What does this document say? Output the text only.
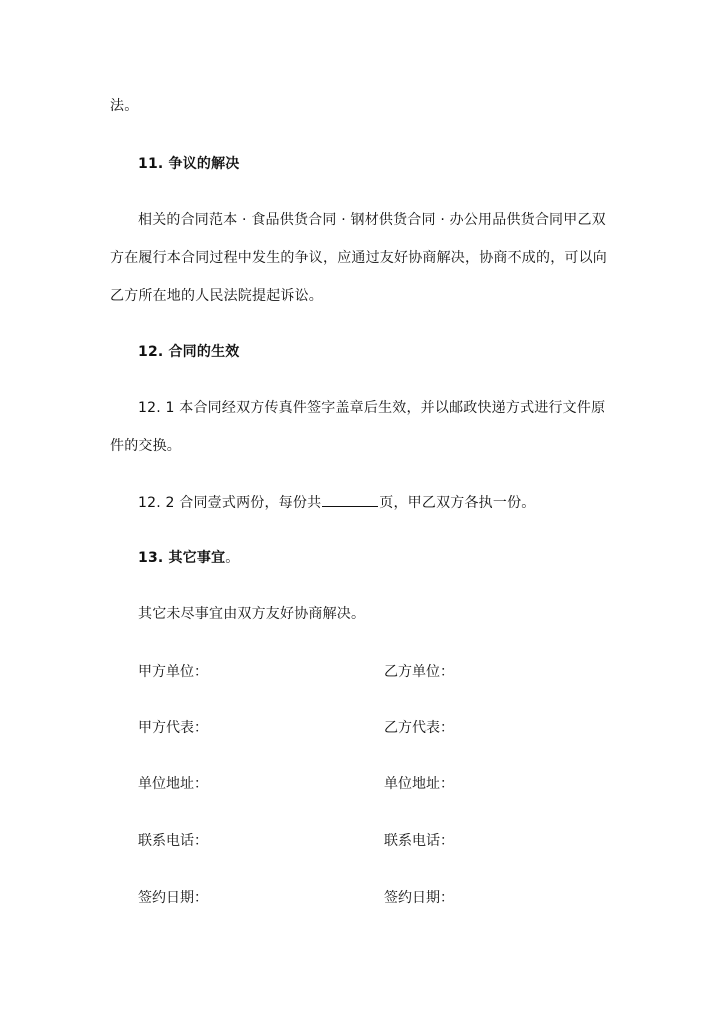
法。
11. 争议的解决
相关的合同范本 · 食品供货合同 · 钢材供货合同 · 办公用品供货合同甲乙双
方在履行本合同过程中发生的争议，应通过友好协商解决，协商不成的，可以向
乙方所在地的人民法院提起诉讼。
12. 合同的生效
12. 1 本合同经双方传真件签字盖章后生效，并以邮政快递方式进行文件原
件的交换。
12. 2 合同壹式两份，每份共	页，甲乙双方各执一份。
13. 其它事宜。
其它未尽事宜由双方友好协商解决。
甲方单位：	乙方单位：
甲方代表：	乙方代表：
单位地址：	单位地址：
联系电话：	联系电话：
签约日期：	签约日期：
